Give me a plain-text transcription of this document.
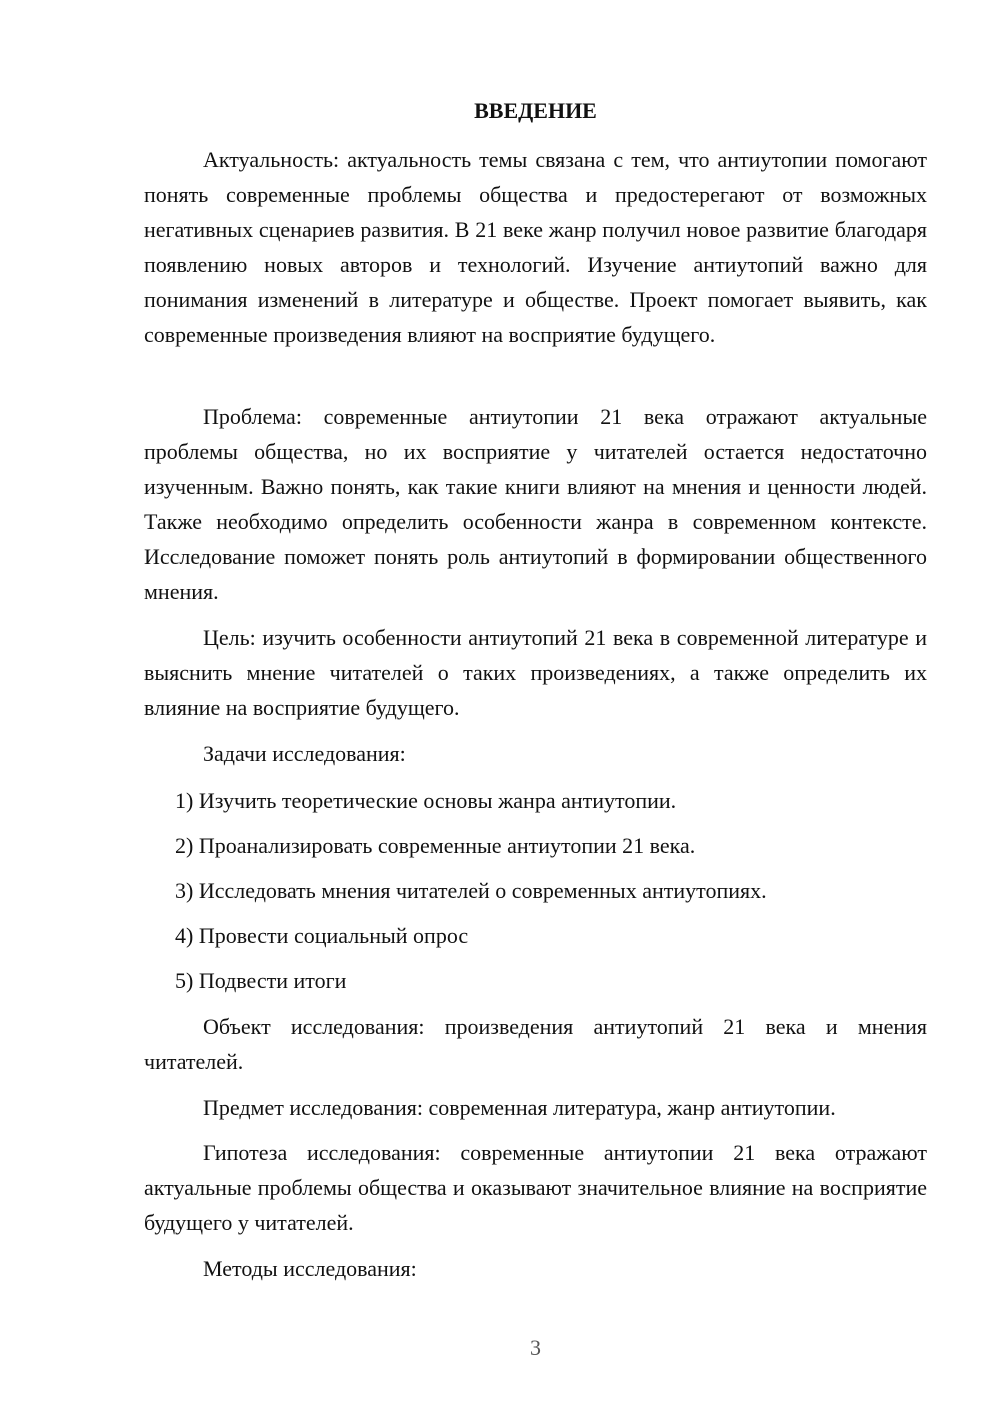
ВВЕДЕНИЕ

Актуальность: актуальность темы связана с тем, что антиутопии помогают понять современные проблемы общества и предостерегают от возможных негативных сценариев развития. В 21 веке жанр получил новое развитие благодаря появлению новых авторов и технологий. Изучение антиутопий важно для понимания изменений в литературе и обществе. Проект помогает выявить, как современные произведения влияют на восприятие будущего.

Проблема: современные антиутопии 21 века отражают актуальные проблемы общества, но их восприятие у читателей остается недостаточно изученным. Важно понять, как такие книги влияют на мнения и ценности людей. Также необходимо определить особенности жанра в современном контексте. Исследование поможет понять роль антиутопий в формировании общественного мнения.

Цель: изучить особенности антиутопий 21 века в современной литературе и выяснить мнение читателей о таких произведениях, а также определить их влияние на восприятие будущего.

Задачи исследования:

1) Изучить теоретические основы жанра антиутопии.
2) Проанализировать современные антиутопии 21 века.
3) Исследовать мнения читателей о современных антиутопиях.
4) Провести социальный опрос
5) Подвести итоги

Объект исследования: произведения антиутопий 21 века и мнения читателей.

Предмет исследования: современная литература, жанр антиутопии.

Гипотеза исследования: современные антиутопии 21 века отражают актуальные проблемы общества и оказывают значительное влияние на восприятие будущего у читателей.

Методы исследования:

3
